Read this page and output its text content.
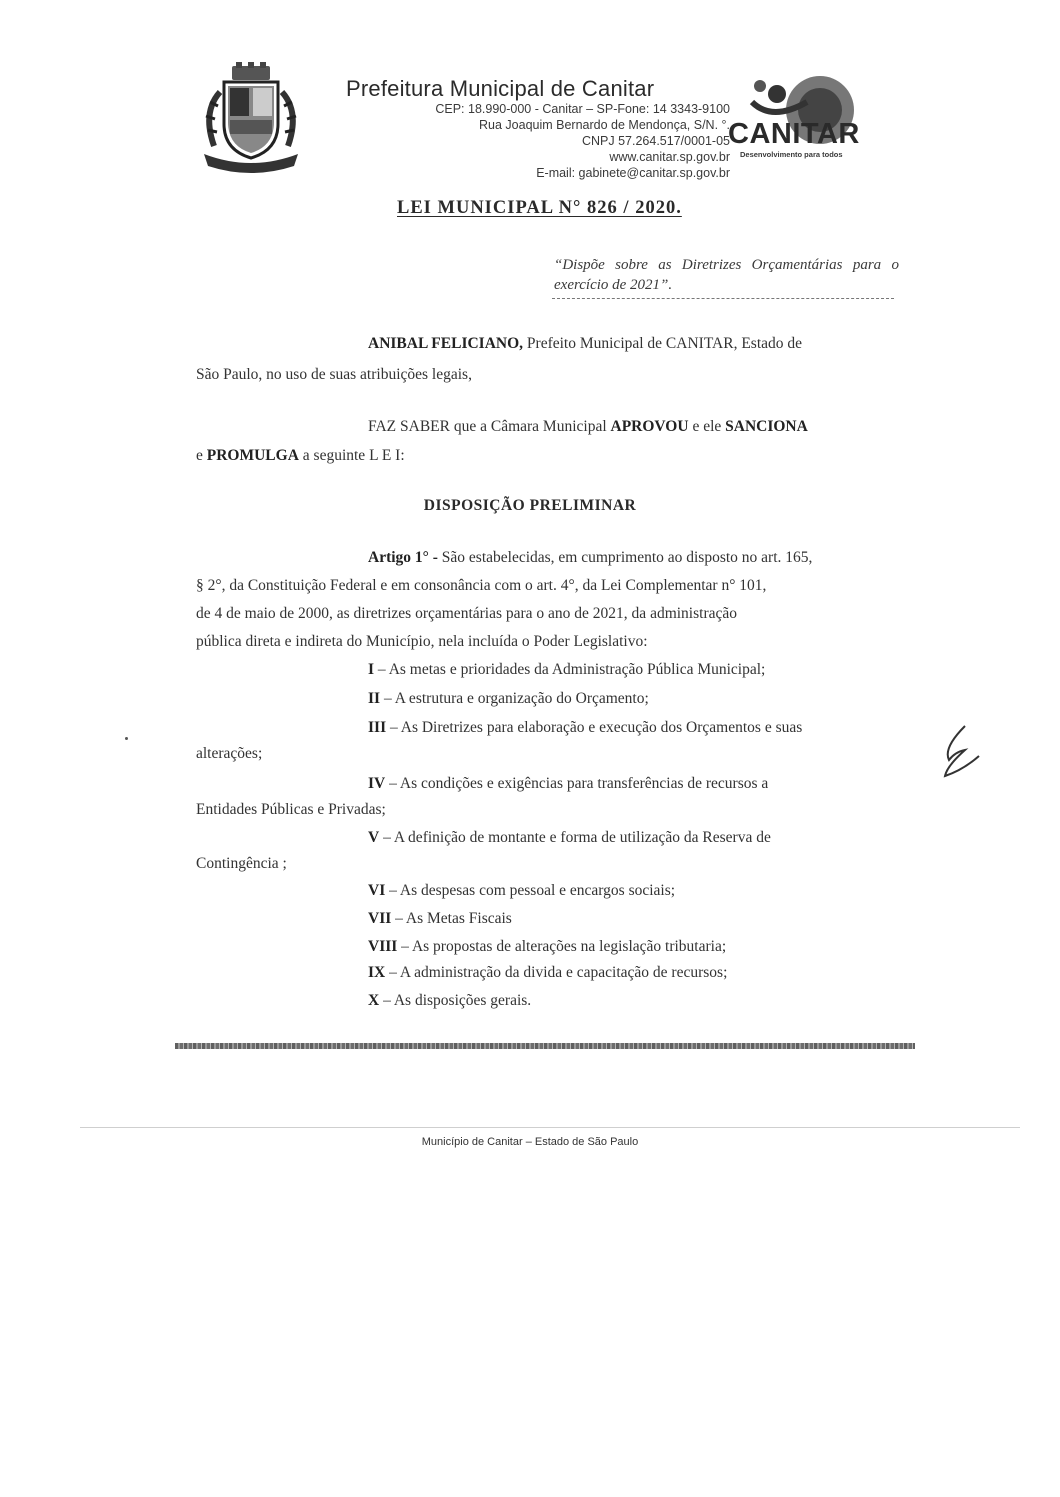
Prefeitura Municipal de Canitar
CEP: 18.990-000 - Canitar – SP-Fone: 14 3343-9100
Rua Joaquim Bernardo de Mendonça, S/N. °.
CNPJ 57.264.517/0001-05
www.canitar.sp.gov.br
E-mail: gabinete@canitar.sp.gov.br
CANITAR
Desenvolvimento para todos
LEI MUNICIPAL N° 826 / 2020.
“Dispõe sobre as Diretrizes Orçamentárias para o exercício de 2021”.
ANIBAL FELICIANO, Prefeito Municipal de CANITAR, Estado de
São Paulo, no uso de suas atribuições legais,
FAZ SABER que a Câmara Municipal APROVOU e ele SANCIONA
e PROMULGA a seguinte L E I:
DISPOSIÇÃO PRELIMINAR
Artigo 1° - São estabelecidas, em cumprimento ao disposto no art. 165,
§ 2°, da Constituição Federal e em consonância com o art. 4°, da Lei Complementar n° 101,
de 4 de maio de 2000, as diretrizes orçamentárias para o ano de 2021, da administração
pública direta e indireta do Município, nela incluída o Poder Legislativo:
I – As metas e prioridades da Administração Pública Municipal;
II – A estrutura e organização do Orçamento;
III – As Diretrizes para elaboração e execução dos Orçamentos e suas
alterações;
IV – As condições e exigências para transferências de recursos a
Entidades Públicas e Privadas;
V – A definição de montante e forma de utilização da Reserva de
Contingência ;
VI – As despesas com pessoal e encargos sociais;
VII – As Metas Fiscais
VIII – As propostas de alterações na legislação tributaria;
IX – A administração da divida e capacitação de recursos;
X – As disposições gerais.
Município de Canitar – Estado de São Paulo
